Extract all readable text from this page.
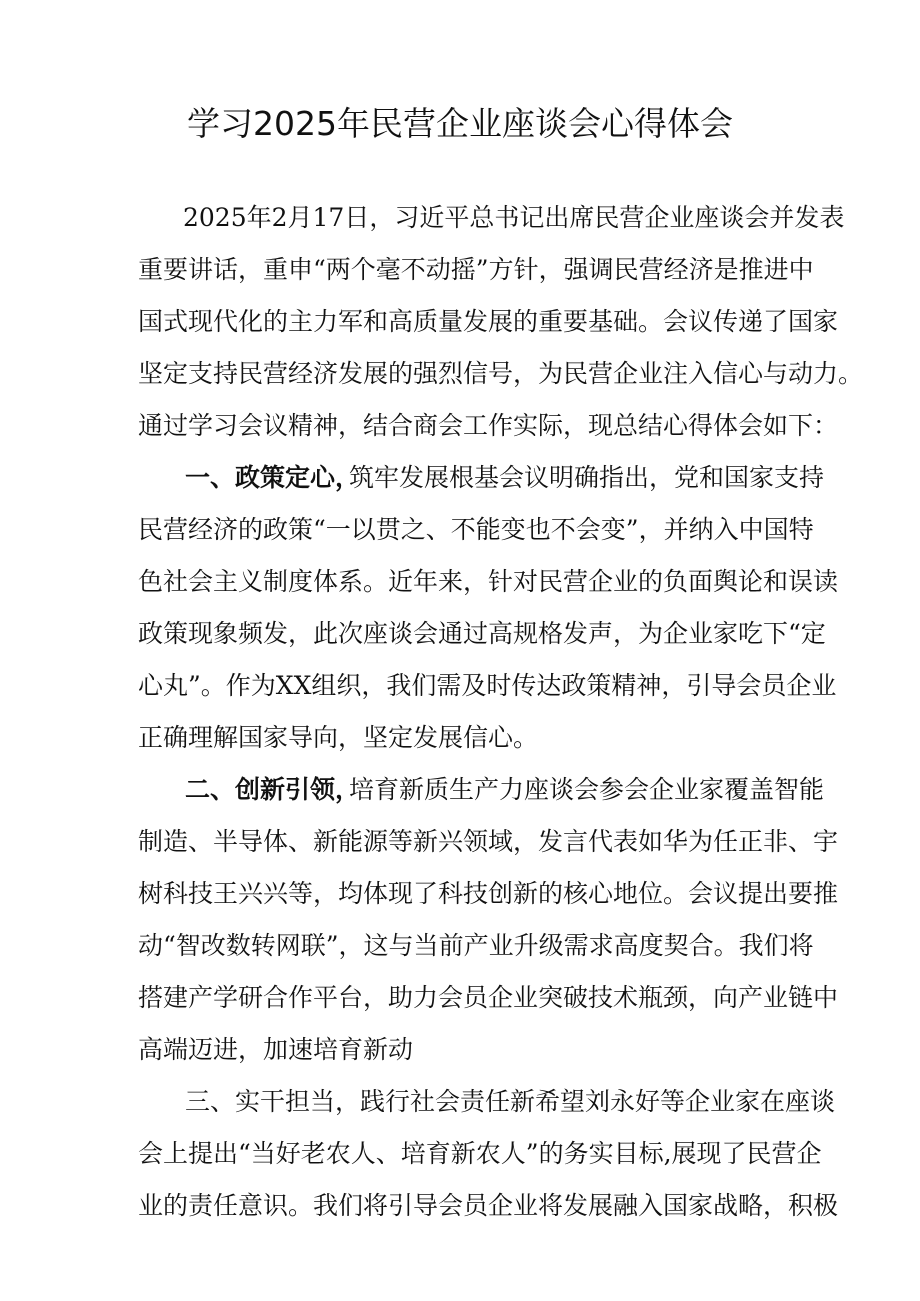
学习2025年民营企业座谈会心得体会
2025年2月17日，习近平总书记出席民营企业座谈会并发表
重要讲话，重申“两个毫不动摇”方针，强调民营经济是推进中
国式现代化的主力军和高质量发展的重要基础。会议传递了国家
坚定支持民营经济发展的强烈信号，为民营企业注入信心与动力。
通过学习会议精神，结合商会工作实际，现总结心得体会如下：
一、政策定心，
筑牢发展根基会议明确指出，党和国家支持
民营经济的政策“一以贯之、不能变也不会变”，并纳入中国特
色社会主义制度体系。近年来，针对民营企业的负面舆论和误读
政策现象频发，此次座谈会通过高规格发声，为企业家吃下“定
心丸”。作为XX组织，我们需及时传达政策精神，引导会员企业
正确理解国家导向，坚定发展信心。
二、创新引领，
培育新质生产力座谈会参会企业家覆盖智能
制造、半导体、新能源等新兴领域，发言代表如华为任正非、宇
树科技王兴兴等，均体现了科技创新的核心地位。会议提出要推
动“智改数转网联”，这与当前产业升级需求高度契合。我们将
搭建产学研合作平台，助力会员企业突破技术瓶颈，向产业链中
高端迈进，加速培育新动
三、实干担当，践行社会责任新希望刘永好等企业家在座谈
会上提出“当好老农人、培育新农人”的务实目标,展现了民营企
业的责任意识。我们将引导会员企业将发展融入国家战略，积极
